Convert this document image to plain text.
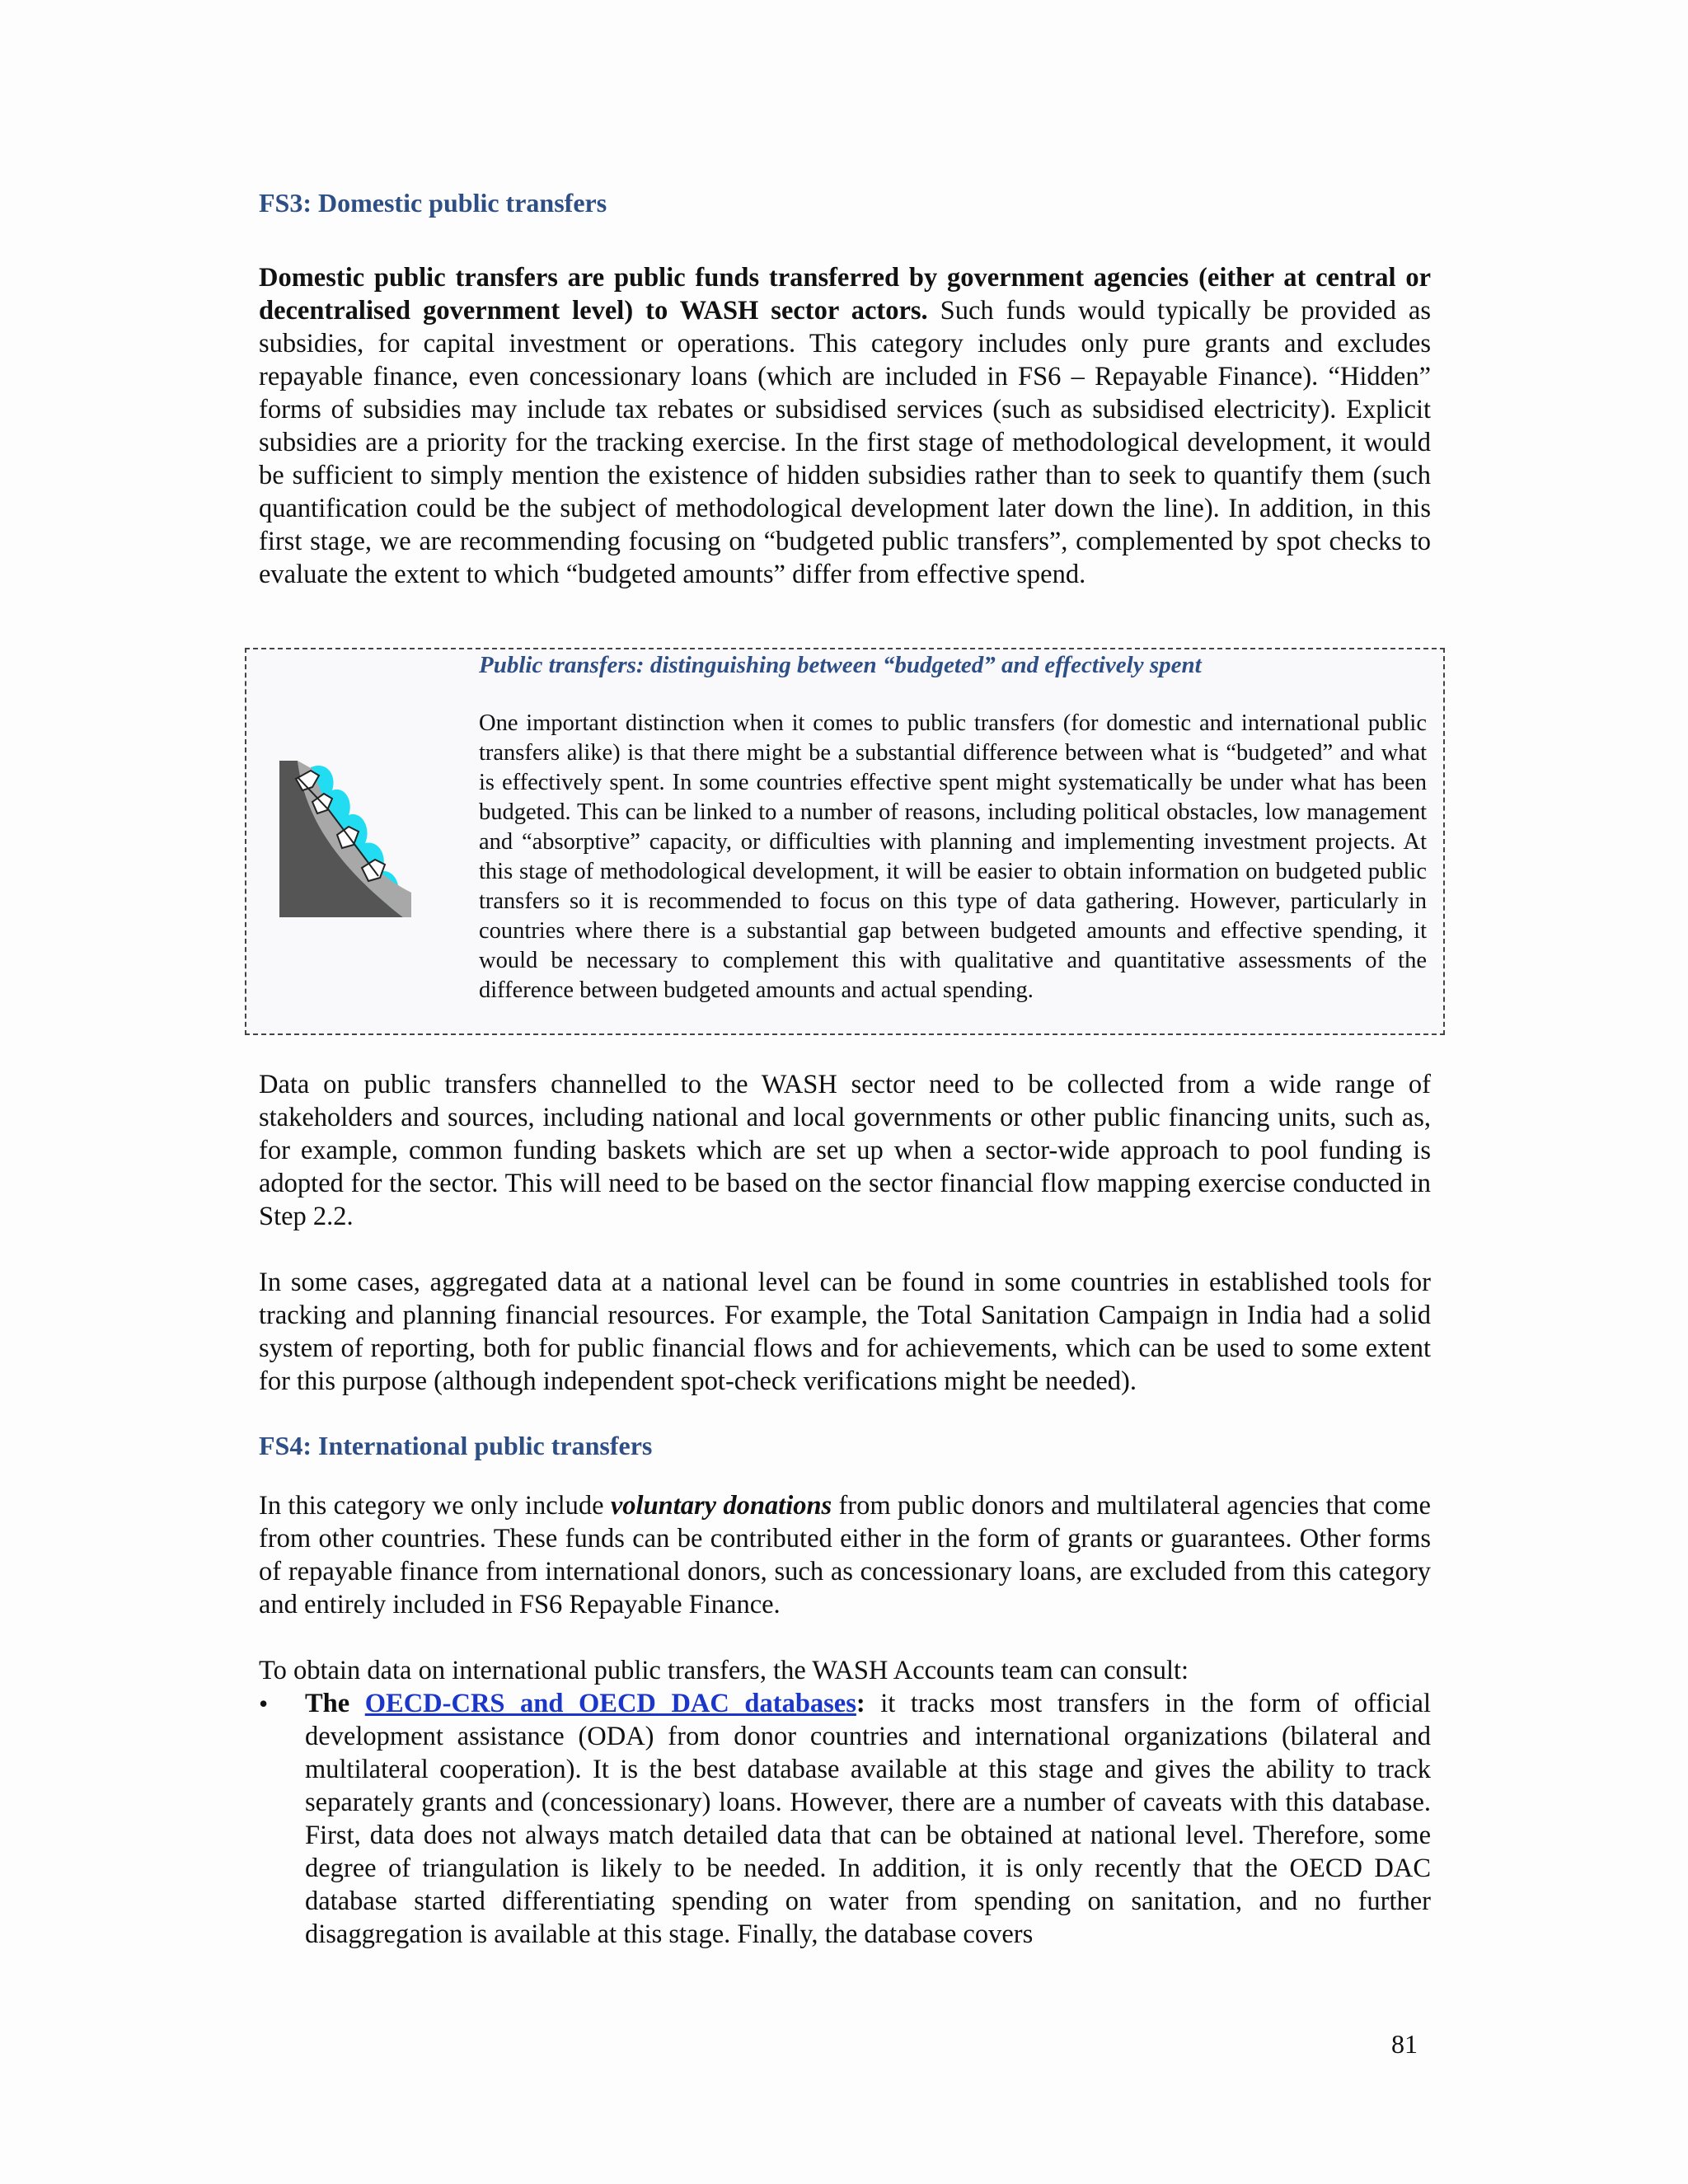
FS3: Domestic public transfers

Domestic public transfers are public funds transferred by government agencies (either at central or decentralised government level) to WASH sector actors. Such funds would typically be provided as subsidies, for capital investment or operations. This category includes only pure grants and excludes repayable finance, even concessionary loans (which are included in FS6 – Repayable Finance). “Hidden” forms of subsidies may include tax rebates or subsidised services (such as subsidised electricity). Explicit subsidies are a priority for the tracking exercise. In the first stage of methodological development, it would be sufficient to simply mention the existence of hidden subsidies rather than to seek to quantify them (such quantification could be the subject of methodological development later down the line). In addition, in this first stage, we are recommending focusing on “budgeted public transfers”, complemented by spot checks to evaluate the extent to which “budgeted amounts” differ from effective spend.

Public transfers: distinguishing between “budgeted” and effectively spent
One important distinction when it comes to public transfers (for domestic and international public transfers alike) is that there might be a substantial difference between what is “budgeted” and what is effectively spent. In some countries effective spent might systematically be under what has been budgeted. This can be linked to a number of reasons, including political obstacles, low management and “absorptive” capacity, or difficulties with planning and implementing investment projects. At this stage of methodological development, it will be easier to obtain information on budgeted public transfers so it is recommended to focus on this type of data gathering. However, particularly in countries where there is a substantial gap between budgeted amounts and effective spending, it would be necessary to complement this with qualitative and quantitative assessments of the difference between budgeted amounts and actual spending.

Data on public transfers channelled to the WASH sector need to be collected from a wide range of stakeholders and sources, including national and local governments or other public financing units, such as, for example, common funding baskets which are set up when a sector-wide approach to pool funding is adopted for the sector. This will need to be based on the sector financial flow mapping exercise conducted in Step 2.2.

In some cases, aggregated data at a national level can be found in some countries in established tools for tracking and planning financial resources. For example, the Total Sanitation Campaign in India had a solid system of reporting, both for public financial flows and for achievements, which can be used to some extent for this purpose (although independent spot-check verifications might be needed).

FS4: International public transfers

In this category we only include voluntary donations from public donors and multilateral agencies that come from other countries. These funds can be contributed either in the form of grants or guarantees. Other forms of repayable finance from international donors, such as concessionary loans, are excluded from this category and entirely included in FS6 Repayable Finance.

To obtain data on international public transfers, the WASH Accounts team can consult:

•	The OECD-CRS and OECD DAC databases: it tracks most transfers in the form of official development assistance (ODA) from donor countries and international organizations (bilateral and multilateral cooperation). It is the best database available at this stage and gives the ability to track separately grants and (concessionary) loans. However, there are a number of caveats with this database. First, data does not always match detailed data that can be obtained at national level. Therefore, some degree of triangulation is likely to be needed. In addition, it is only recently that the OECD DAC database started differentiating spending on water from spending on sanitation, and no further disaggregation is available at this stage. Finally, the database covers

81
